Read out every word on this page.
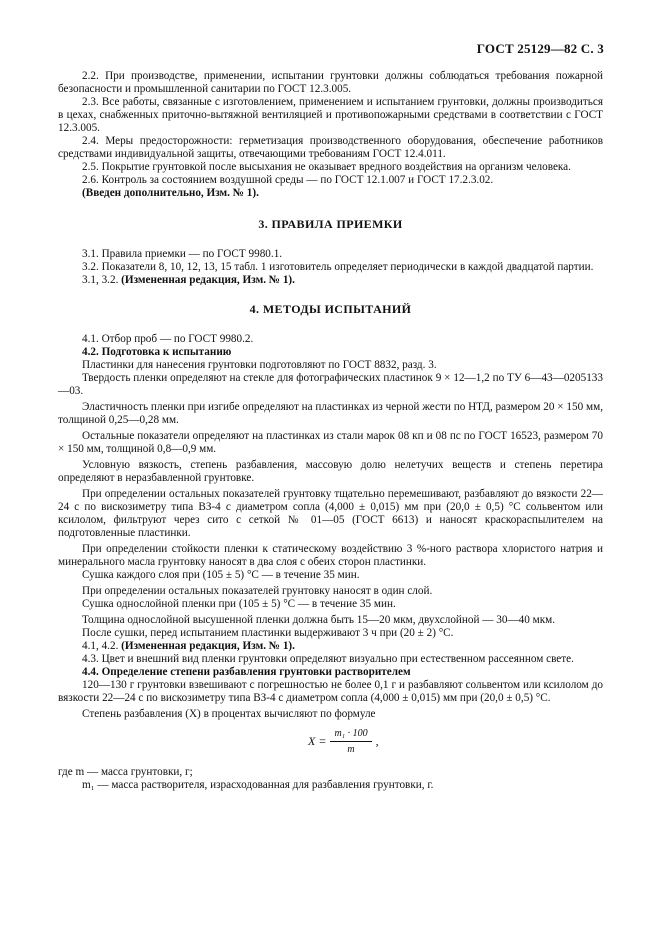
ГОСТ 25129—82 С. 3

2.2. При производстве, применении, испытании грунтовки должны соблюдаться требования пожарной безопасности и промышленной санитарии по ГОСТ 12.3.005.

2.3. Все работы, связанные с изготовлением, применением и испытанием грунтовки, должны производиться в цехах, снабженных приточно-вытяжной вентиляцией и противопожарными средствами в соответствии с ГОСТ 12.3.005.

2.4. Меры предосторожности: герметизация производственного оборудования, обеспечение работников средствами индивидуальной защиты, отвечающими требованиям ГОСТ 12.4.011.

2.5. Покрытие грунтовкой после высыхания не оказывает вредного воздействия на организм человека.

2.6. Контроль за состоянием воздушной среды — по ГОСТ 12.1.007 и ГОСТ 17.2.3.02.

(Введен дополнительно, Изм. № 1).

3. ПРАВИЛА ПРИЕМКИ

3.1. Правила приемки — по ГОСТ 9980.1.

3.2. Показатели 8, 10, 12, 13, 15 табл. 1 изготовитель определяет периодически в каждой двадцатой партии.

3.1, 3.2. (Измененная редакция, Изм. № 1).

4. МЕТОДЫ ИСПЫТАНИЙ

4.1. Отбор проб — по ГОСТ 9980.2.

4.2. Подготовка к испытанию

Пластинки для нанесения грунтовки подготовляют по ГОСТ 8832, разд. 3.

Твердость пленки определяют на стекле для фотографических пластинок 9 × 12—1,2 по ТУ 6—43—0205133—03.

Эластичность пленки при изгибе определяют на пластинках из черной жести по НТД, размером 20 × 150 мм, толщиной 0,25—0,28 мм.

Остальные показатели определяют на пластинках из стали марок 08 кп и 08 пс по ГОСТ 16523, размером 70 × 150 мм, толщиной 0,8—0,9 мм.

Условную вязкость, степень разбавления, массовую долю нелетучих веществ и степень перетира определяют в неразбавленной грунтовке.

При определении остальных показателей грунтовку тщательно перемешивают, разбавляют до вязкости 22—24 с по вискозиметру типа ВЗ-4 с диаметром сопла (4,000 ± 0,015) мм при (20,0 ± 0,5) °С сольвентом или ксилолом, фильтруют через сито с сеткой № 01—05 (ГОСТ 6613) и наносят краскораспылителем на подготовленные пластинки.

При определении стойкости пленки к статическому воздействию 3 %-ного раствора хлористого натрия и минерального масла грунтовку наносят в два слоя с обеих сторон пластинки.

Сушка каждого слоя при (105 ± 5) °С — в течение 35 мин.

При определении остальных показателей грунтовку наносят в один слой.

Сушка однослойной пленки при (105 ± 5) °С — в течение 35 мин.

Толщина однослойной высушенной пленки должна быть 15—20 мкм, двухслойной — 30—40 мкм.

После сушки, перед испытанием пластинки выдерживают 3 ч при (20 ± 2) °С.

4.1, 4.2. (Измененная редакция, Изм. № 1).

4.3. Цвет и внешний вид пленки грунтовки определяют визуально при естественном рассеянном свете.

4.4. Определение степени разбавления грунтовки растворителем

120—130 г грунтовки взвешивают с погрешностью не более 0,1 г и разбавляют сольвентом или ксилолом до вязкости 22—24 с по вискозиметру типа ВЗ-4 с диаметром сопла (4,000 ± 0,015) мм при (20,0 ± 0,5) °С.

Степень разбавления (X) в процентах вычисляют по формуле

$X = \frac{\text{m₁ · 100}}{m}$ ,

где m — масса грунтовки, г;

m₁ — масса растворителя, израсходованная для разбавления грунтовки, г.
